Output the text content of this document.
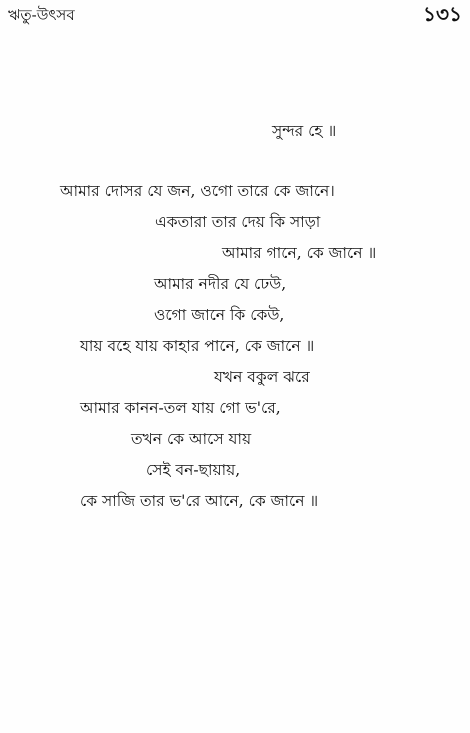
ঋতু-উৎসব	১৩১
সুন্দর হে ॥
আমার দোসর যে জন, ওগো তারে কে জানে।
একতারা তার দেয় কি সাড়া
আমার গানে, কে জানে ॥
আমার নদীর যে ঢেউ,
ওগো জানে কি কেউ,
যায় বহে যায় কাহার পানে, কে জানে ॥
যখন বকুল ঝরে
আমার কানন-তল যায় গো ভ'রে,
তখন কে আসে যায়
সেই বন-ছায়ায়,
কে সাজি তার ভ'রে আনে, কে জানে ॥
